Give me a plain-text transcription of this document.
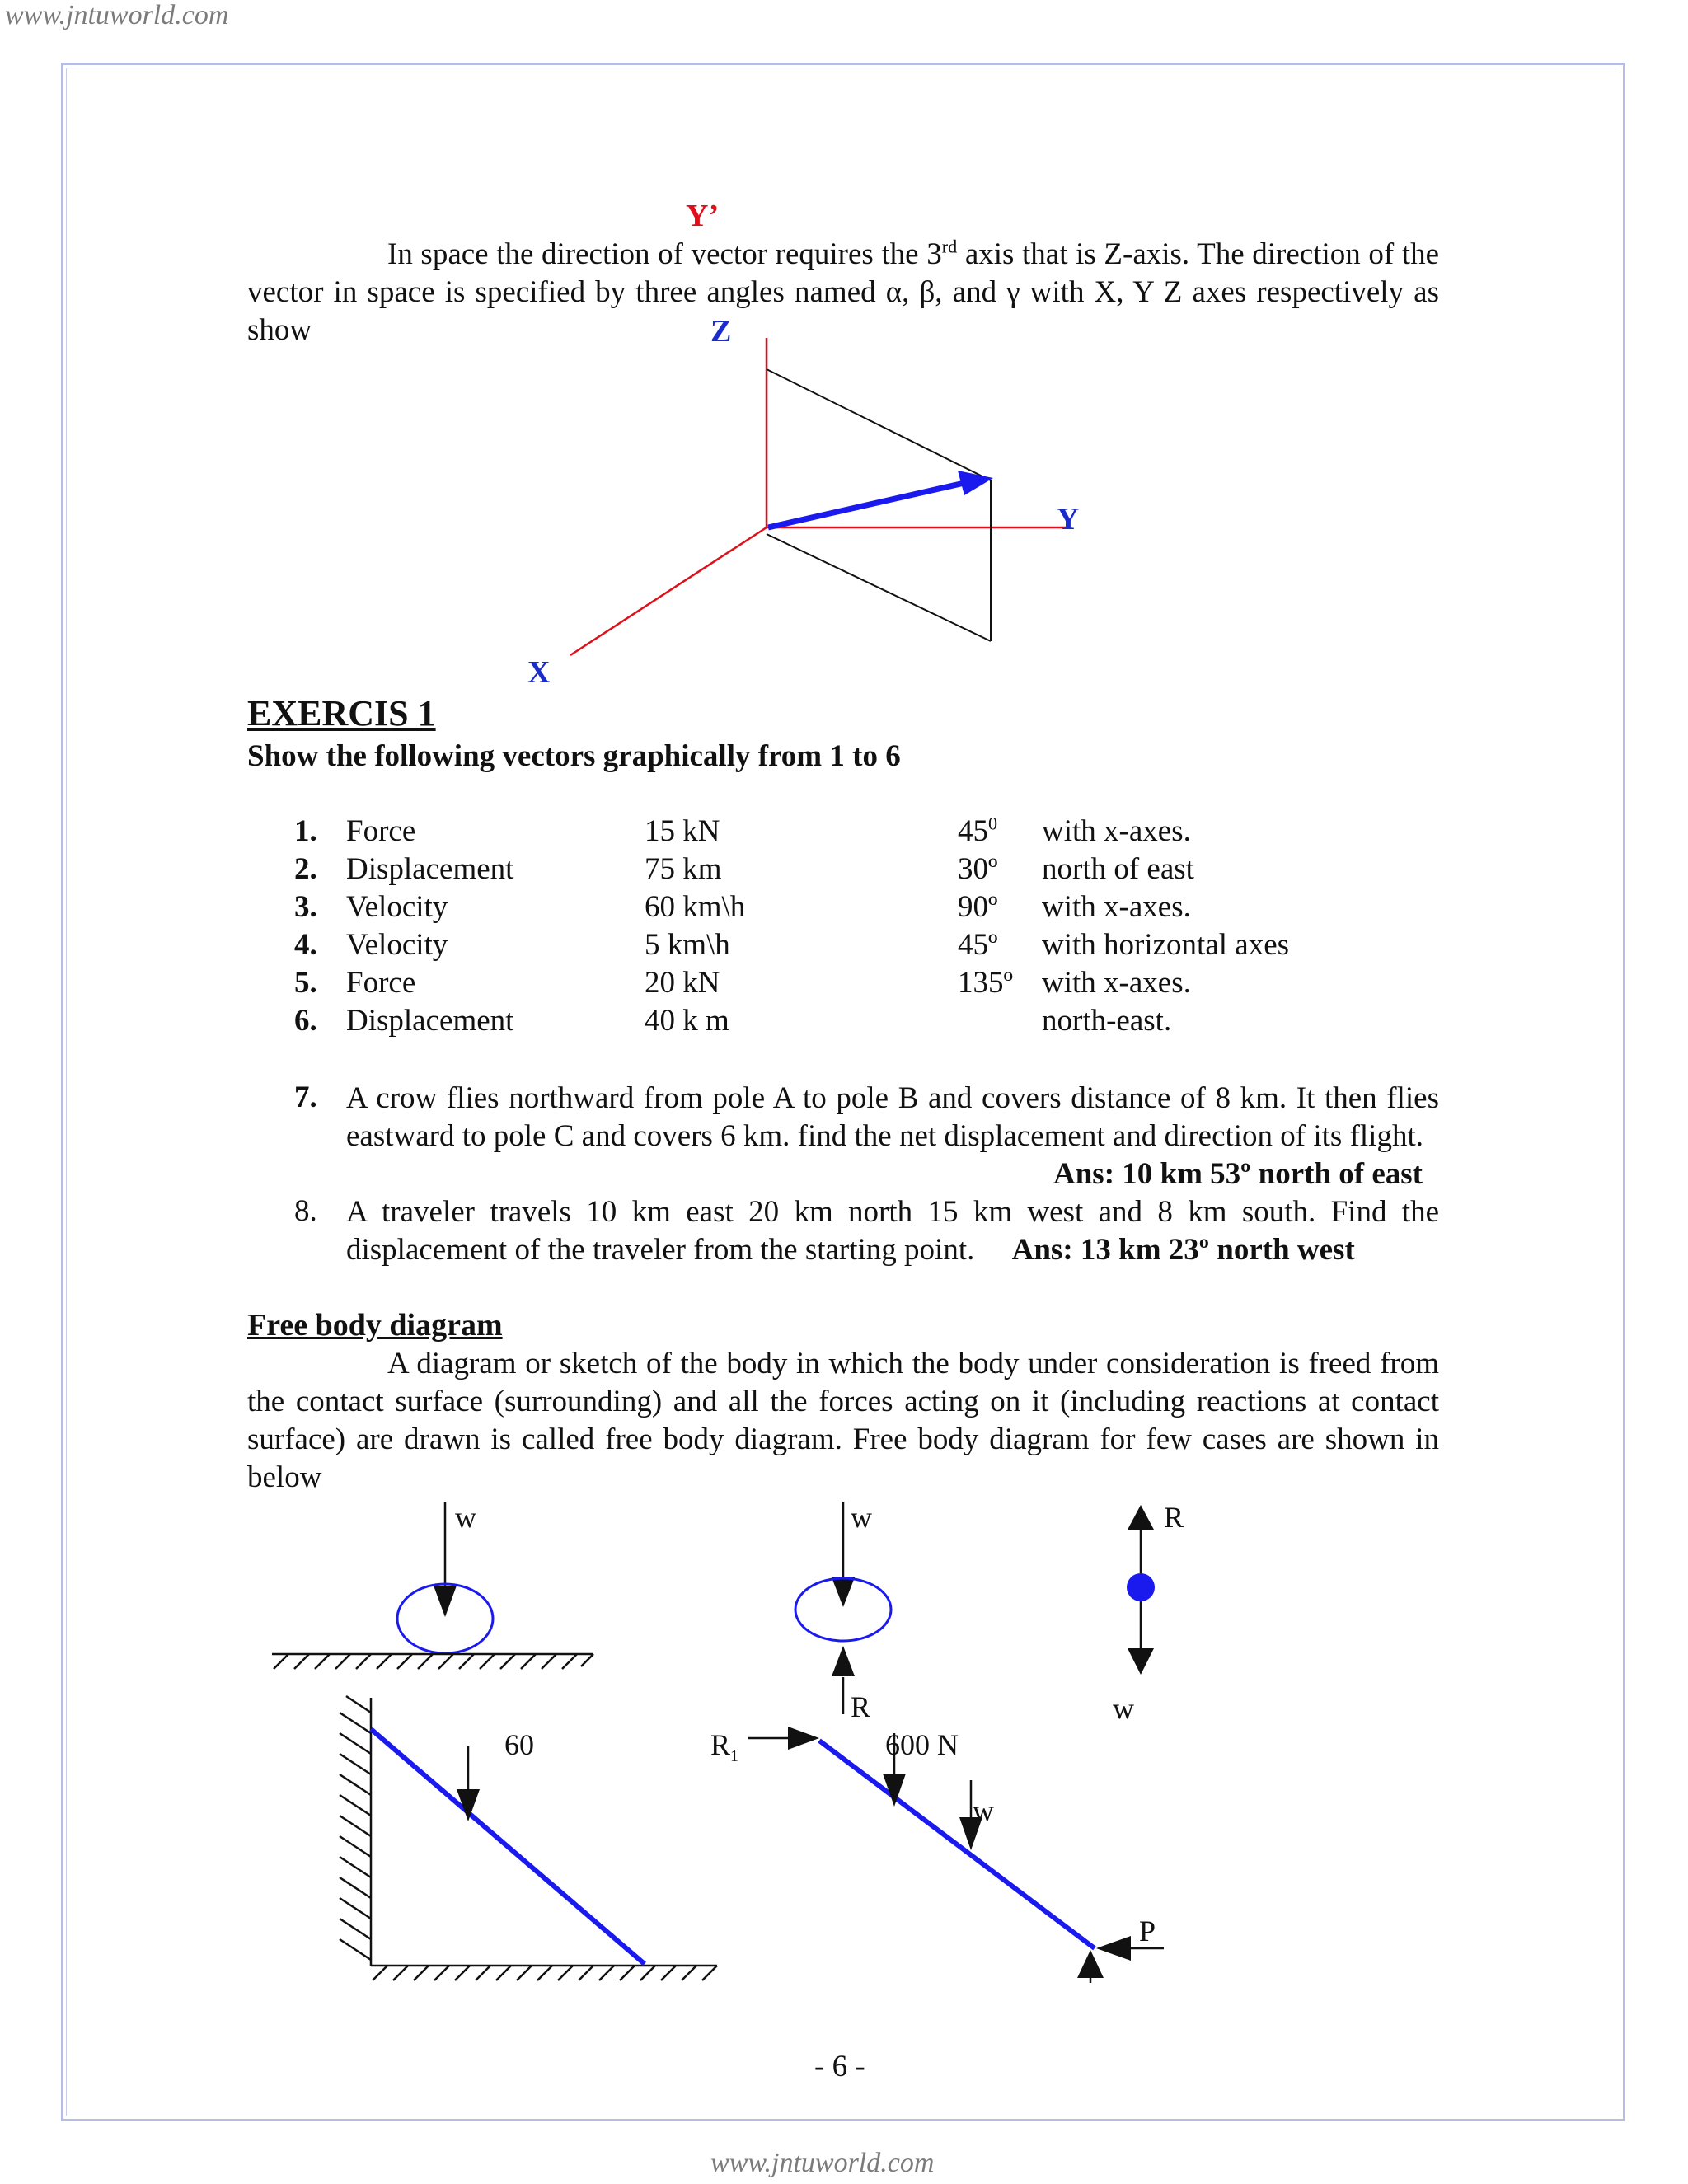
www.jntuworld.com
Y’
In space the direction of vector requires the 3rd axis that is Z-axis. The direction of the vector in space is specified by three angles named α, β, and γ with X, Y Z axes respectively as show	Z
Y
X
EXERCIS 1
Show the following vectors graphically from 1 to 6
1. Force	15 kN	$45^0$ with x-axes.
2. Displacement	75 km	30º north of east
3. Velocity	60 km\h	90º with x-axes.
4. Velocity	5 km\h	45º with horizontal axes
5. Force	20 kN	135º with x-axes.
6. Displacement	40 k m	north-east.
7. A crow flies northward from pole A to pole B and covers distance of 8 km. It then flies eastward to pole C and covers 6 km. find the net displacement and direction of its flight.
Ans: 10 km 53º north of east
8. A traveler travels 10 km east 20 km north 15 km west and 8 km south. Find the displacement of the traveler from the starting point. Ans: 13 km 23º north west
Free body diagram
A diagram or sketch of the body in which the body under consideration is freed from the contact surface (surrounding) and all the forces acting on it (including reactions at contact surface) are drawn is called free body diagram. Free body diagram for few cases are shown in below
w	w	R
w
R
60	$R_1$	600 N
w
P
- 6 -
www.jntuworld.com
